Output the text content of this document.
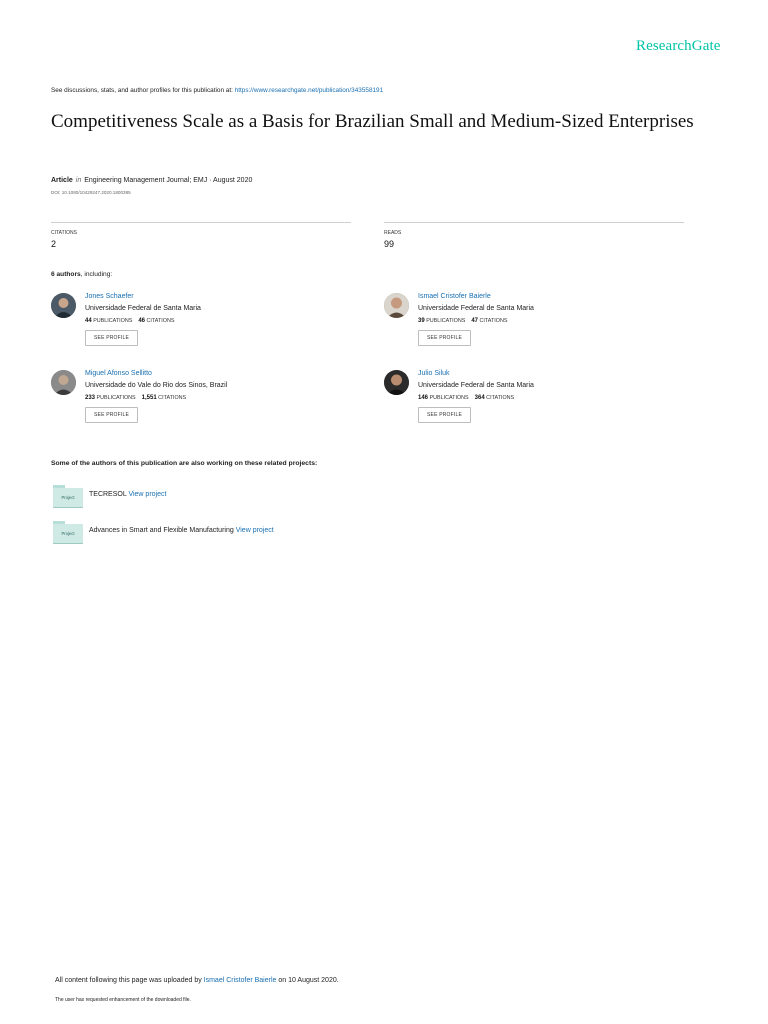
ResearchGate
See discussions, stats, and author profiles for this publication at: https://www.researchgate.net/publication/343558191
Competitiveness Scale as a Basis for Brazilian Small and Medium-Sized Enterprises
Article in Engineering Management Journal; EMJ · August 2020
DOI: 10.1080/10429247.2020.1800385
CITATIONS
2
READS
99
6 authors, including:
Jones Schaefer
Universidade Federal de Santa Maria
44 PUBLICATIONS 46 CITATIONS
SEE PROFILE
Ismael Cristofer Baierle
Universidade Federal de Santa Maria
39 PUBLICATIONS 47 CITATIONS
SEE PROFILE
Miguel Afonso Sellitto
Universidade do Vale do Rio dos Sinos, Brazil
233 PUBLICATIONS 1,551 CITATIONS
SEE PROFILE
Julio Siluk
Universidade Federal de Santa Maria
146 PUBLICATIONS 364 CITATIONS
SEE PROFILE
Some of the authors of this publication are also working on these related projects:
Project	TECRESOL View project
Project	Advances in Smart and Flexible Manufacturing View project
All content following this page was uploaded by Ismael Cristofer Baierle on 10 August 2020.
The user has requested enhancement of the downloaded file.
